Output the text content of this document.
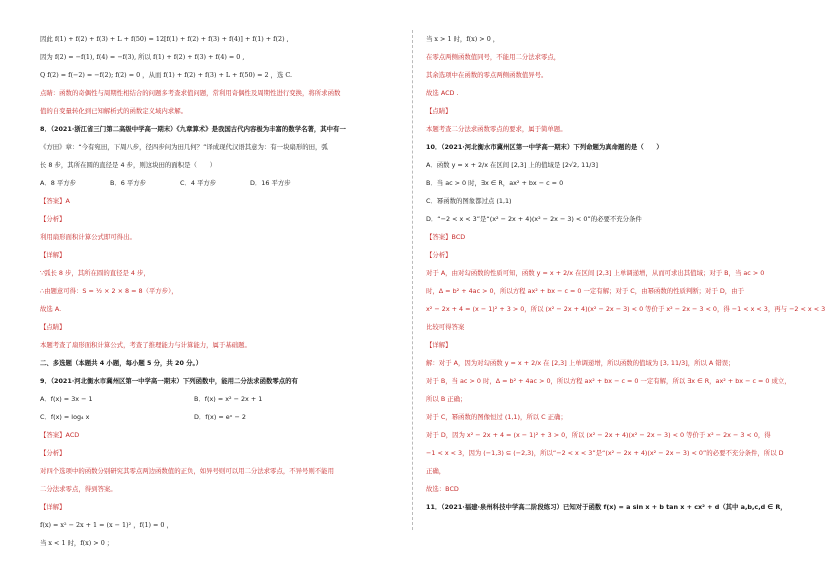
因此 f(1) + f(2) + f(3) + L + f(50) = 12[f(1) + f(2) + f(3) + f(4)] + f(1) + f(2) ,
因为 f(2) = −f(1), f(4) = −f(3), 所以 f(1) + f(2) + f(3) + f(4) = 0 ,
Q f(2) = f(−2) = −f(2); f(2) = 0 ，从而 f(1) + f(2) + f(3) + L + f(50) = 2 ，选 C.
点睛：函数的奇偶性与周期性相结合的问题多考查求值问题，常利用奇偶性及周期性进行变换，将所求函数
值的自变量转化到已知解析式的函数定义域内求解。
8．（2021·浙江省三门第二高级中学高一期末）《九章算术》是我国古代内容极为丰富的数学名著，其中有一
《方田》章：“今有宛田，下周八步，径四步问为田几何？”译成现代汉语其意为：有一块扇形的田，弧
长 8 步，其所在圆的直径是 4 步，则这块田的面积是（　　）
A．8 平方步	B．6 平方步	C．4 平方步	D．16 平方步
【答案】A
【分析】
利用扇形面积计算公式即可得出。
【详解】
∵弧长 8 步，其所在圆的直径是 4 步，
∴由题意可得：S = ½ × 2 × 8 = 8（平方步），
故选 A.
【点睛】
本题考查了扇形面积计算公式，考查了推理能力与计算能力，属于基础题。
二、多选题（本题共 4 小题，每小题 5 分，共 20 分。）
9．（2021·河北衡水市冀州区第一中学高一期末）下列函数中，能用二分法求函数零点的有
A．f(x) = 3x − 1	B．f(x) = x² − 2x + 1
C．f(x) = log₄ x	D．f(x) = eˣ − 2
【答案】ACD
【分析】
对四个选项中的函数分别研究其零点两边函数值的正负，如异号则可以用二分法求零点，不异号则不能用
二分法求零点，得到答案。
【详解】
f(x) = x² − 2x + 1 = (x − 1)² ，f(1) = 0 ，
当 x < 1 时，f(x) > 0 ；
当 x > 1 时，f(x) > 0 ，
在零点两侧函数值同号，不能用二分法求零点，
其余选项中在函数的零点两侧函数值异号。
故选 ACD .
【点睛】
本题考查二分法求函数零点的要求，属于简单题。
10．（2021·河北衡水市冀州区第一中学高一期末）下列命题为真命题的是（　　）
A．函数 y = x + 2/x 在区间 [2,3] 上的值域是 [2√2, 11/3]
B．当 ac > 0 时，∃x ∈ R，ax² + bx − c = 0
C．幂函数的图象都过点 (1,1)
D．“−2 < x < 3”是“(x² − 2x + 4)(x² − 2x − 3) < 0”的必要不充分条件
【答案】BCD
【分析】
对于 A，由对勾函数的性质可知，函数 y = x + 2/x 在区间 [2,3] 上单调递增，从而可求出其值域；对于 B，当 ac > 0
时，Δ = b² + 4ac > 0，所以方程 ax² + bx − c = 0 一定有解；对于 C，由幂函数的性质判断；对于 D，由于
x² − 2x + 4 = (x − 1)² + 3 > 0，所以 (x² − 2x + 4)(x² − 2x − 3) < 0 等价于 x² − 2x − 3 < 0，得 −1 < x < 3，再与 −2 < x < 3
比较可得答案
【详解】
解：对于 A，因为对勾函数 y = x + 2/x 在 [2,3] 上单调递增，所以函数的值域为 [3, 11/3]，所以 A 错误；
对于 B，当 ac > 0 时，Δ = b² + 4ac > 0，所以方程 ax² + bx − c = 0 一定有解，所以 ∃x ∈ R，ax² + bx − c = 0 成立，
所以 B 正确；
对于 C，幂函数的图像恒过 (1,1)，所以 C 正确；
对于 D，因为 x² − 2x + 4 = (x − 1)² + 3 > 0，所以 (x² − 2x + 4)(x² − 2x − 3) < 0 等价于 x² − 2x − 3 < 0，得
−1 < x < 3，因为 (−1,3) ⊆ (−2,3)，所以“−2 < x < 3”是“(x² − 2x + 4)(x² − 2x − 3) < 0”的必要不充分条件，所以 D
正确，
故选：BCD
11．（2021·福建·泉州科技中学高二阶段练习）已知对于函数 f(x) = a sin x + b tan x + cx² + d（其中 a,b,c,d ∈ R，
